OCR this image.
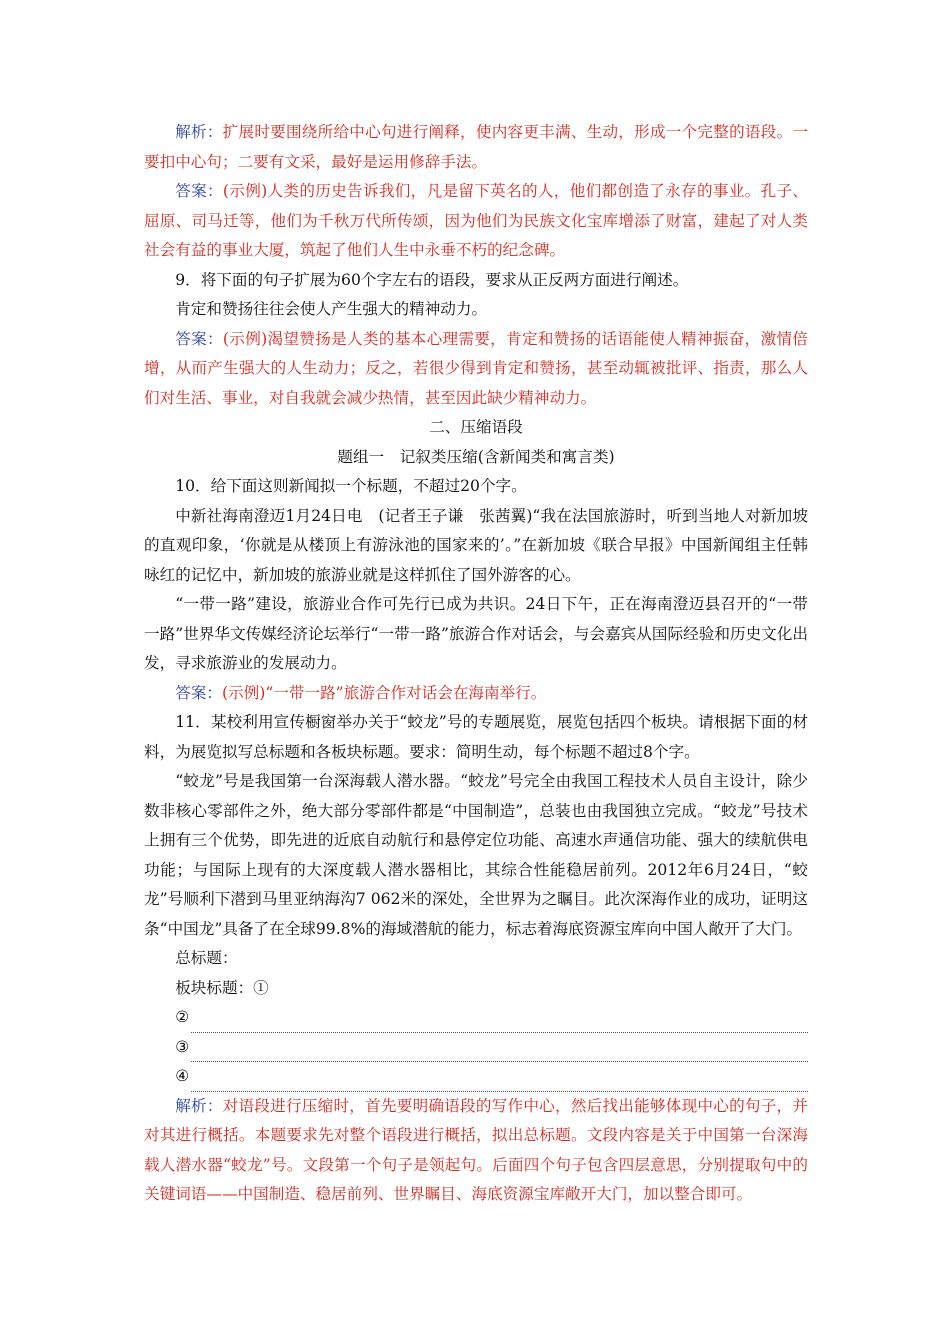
解析：扩展时要围绕所给中心句进行阐释，使内容更丰满、生动，形成一个完整的语段。一要扣中心句；二要有文采，最好是运用修辞手法。

答案：(示例)人类的历史告诉我们，凡是留下英名的人，他们都创造了永存的事业。孔子、屈原、司马迁等，他们为千秋万代所传颂，因为他们为民族文化宝库增添了财富，建起了对人类社会有益的事业大厦，筑起了他们人生中永垂不朽的纪念碑。

9．将下面的句子扩展为60个字左右的语段，要求从正反两方面进行阐述。

肯定和赞扬往往会使人产生强大的精神动力。

答案：(示例)渴望赞扬是人类的基本心理需要，肯定和赞扬的话语能使人精神振奋，激情倍增，从而产生强大的人生动力；反之，若很少得到肯定和赞扬，甚至动辄被批评、指责，那么人们对生活、事业，对自我就会减少热情，甚至因此缺少精神动力。

二、压缩语段

题组一　记叙类压缩(含新闻类和寓言类)

10．给下面这则新闻拟一个标题，不超过20个字。

中新社海南澄迈1月24日电　(记者王子谦　张茜翼)“我在法国旅游时，听到当地人对新加坡的直观印象，‘你就是从楼顶上有游泳池的国家来的’。”在新加坡《联合早报》中国新闻组主任韩咏红的记忆中，新加坡的旅游业就是这样抓住了国外游客的心。

“一带一路”建设，旅游业合作可先行已成为共识。24日下午，正在海南澄迈县召开的“一带一路”世界华文传媒经济论坛举行“一带一路”旅游合作对话会，与会嘉宾从国际经验和历史文化出发，寻求旅游业的发展动力。

答案：(示例)“一带一路”旅游合作对话会在海南举行。

11．某校利用宣传橱窗举办关于“蛟龙”号的专题展览，展览包括四个板块。请根据下面的材料，为展览拟写总标题和各板块标题。要求：简明生动，每个标题不超过8个字。

“蛟龙”号是我国第一台深海载人潜水器。“蛟龙”号完全由我国工程技术人员自主设计，除少数非核心零部件之外，绝大部分零部件都是“中国制造”，总装也由我国独立完成。“蛟龙”号技术上拥有三个优势，即先进的近底自动航行和悬停定位功能、高速水声通信功能、强大的续航供电功能；与国际上现有的大深度载人潜水器相比，其综合性能稳居前列。2012年6月24日，“蛟龙”号顺利下潜到马里亚纳海沟7 062米的深处，全世界为之瞩目。此次深海作业的成功，证明这条“中国龙”具备了在全球99.8%的海域潜航的能力，标志着海底资源宝库向中国人敞开了大门。

总标题：

板块标题：①

②
③
④

解析：对语段进行压缩时，首先要明确语段的写作中心，然后找出能够体现中心的句子，并对其进行概括。本题要求先对整个语段进行概括，拟出总标题。文段内容是关于中国第一台深海载人潜水器“蛟龙”号。文段第一个句子是领起句。后面四个句子包含四层意思，分别提取句中的关键词语——中国制造、稳居前列、世界瞩目、海底资源宝库敞开大门，加以整合即可。
